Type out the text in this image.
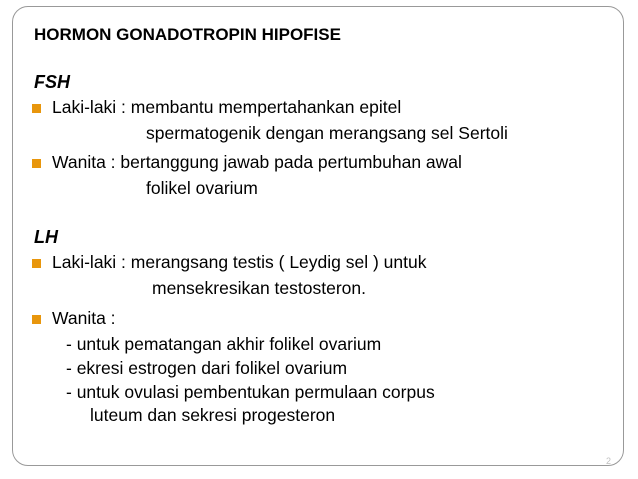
HORMON GONADOTROPIN HIPOFISE
FSH
Laki-laki : membantu mempertahankan epitel
spermatogenik dengan merangsang sel Sertoli
Wanita : bertanggung jawab pada pertumbuhan awal
folikel ovarium
LH
Laki-laki : merangsang testis ( Leydig sel ) untuk
mensekresikan testosteron.
Wanita :
- untuk pematangan akhir folikel ovarium
- ekresi estrogen dari folikel ovarium
- untuk ovulasi pembentukan permulaan corpus
luteum dan sekresi progesteron
2
